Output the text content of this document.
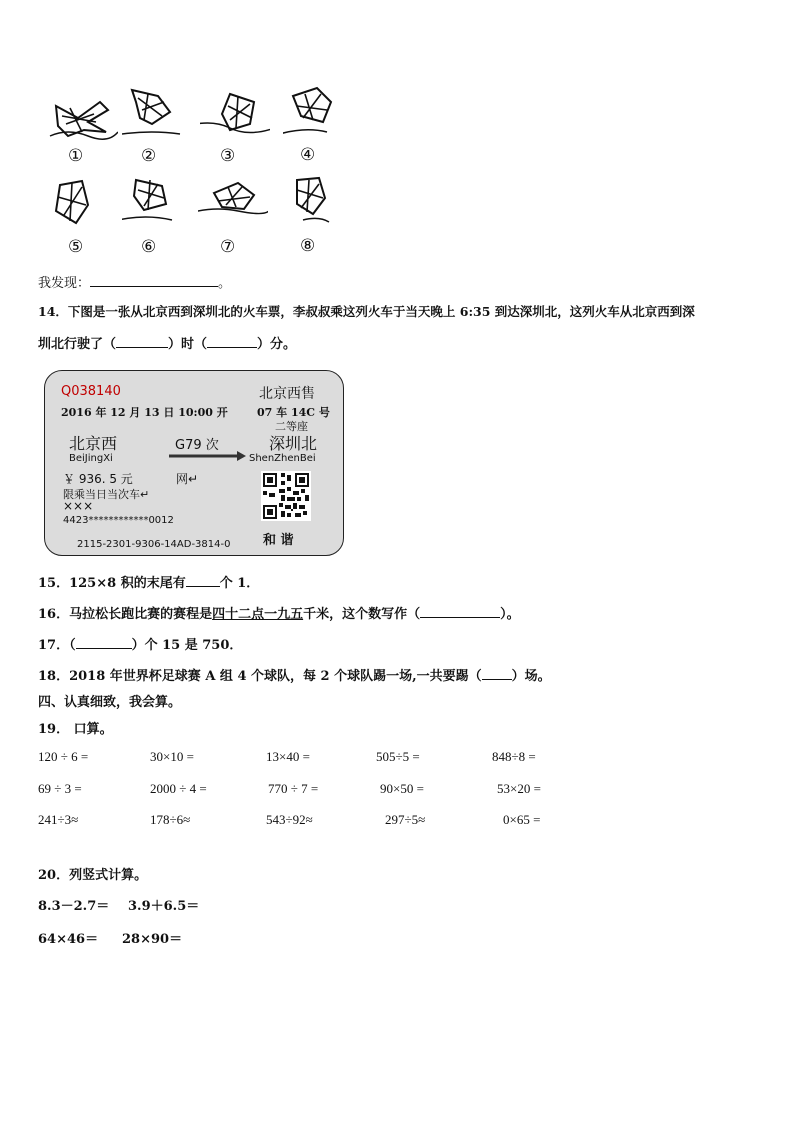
①	②	③	④
⑤	⑥	⑦	⑧
我发现：	。
14．下图是一张从北京西到深圳北的火车票，李叔叔乘这列火车于当天晚上 6:35 到达深圳北，这列火车从北京西到深
圳北行驶了（	）时（	）分。
Q038140	北京西售
2016 年 12 月 13 日 10:00 开	07 车 14C 号
二等座
北京西	G79 次	深圳北
BeiJingXi	ShenZhenBei
￥ 936. 5 元	网↵
限乘当日当次车↵
×××
4423************0012
2115-2301-9306-14AD-3814-0	和 谐
15．125×8 积的末尾有	个 1．
16．马拉松长跑比赛的赛程是四十二点一九五千米，这个数写作（	）。
17．（	）个 15 是 750．
18．2018 年世界杯足球赛 A 组 4 个球队，每 2 个球队踢一场,一共要踢（ ）场。
四、认真细致，我会算。
19． 口算。
120 ÷ 6 =	30×10 =	13×40 =	505÷5 =	848÷8 =
69 ÷ 3 =	2000 ÷ 4 =	770 ÷ 7 =	90×50 =	53×20 =
241÷3≈	178÷6≈	543÷92≈	297÷5≈	0×65 =
20．列竖式计算。
8.3－2.7＝ 3.9＋6.5＝
64×46＝ 28×90＝
